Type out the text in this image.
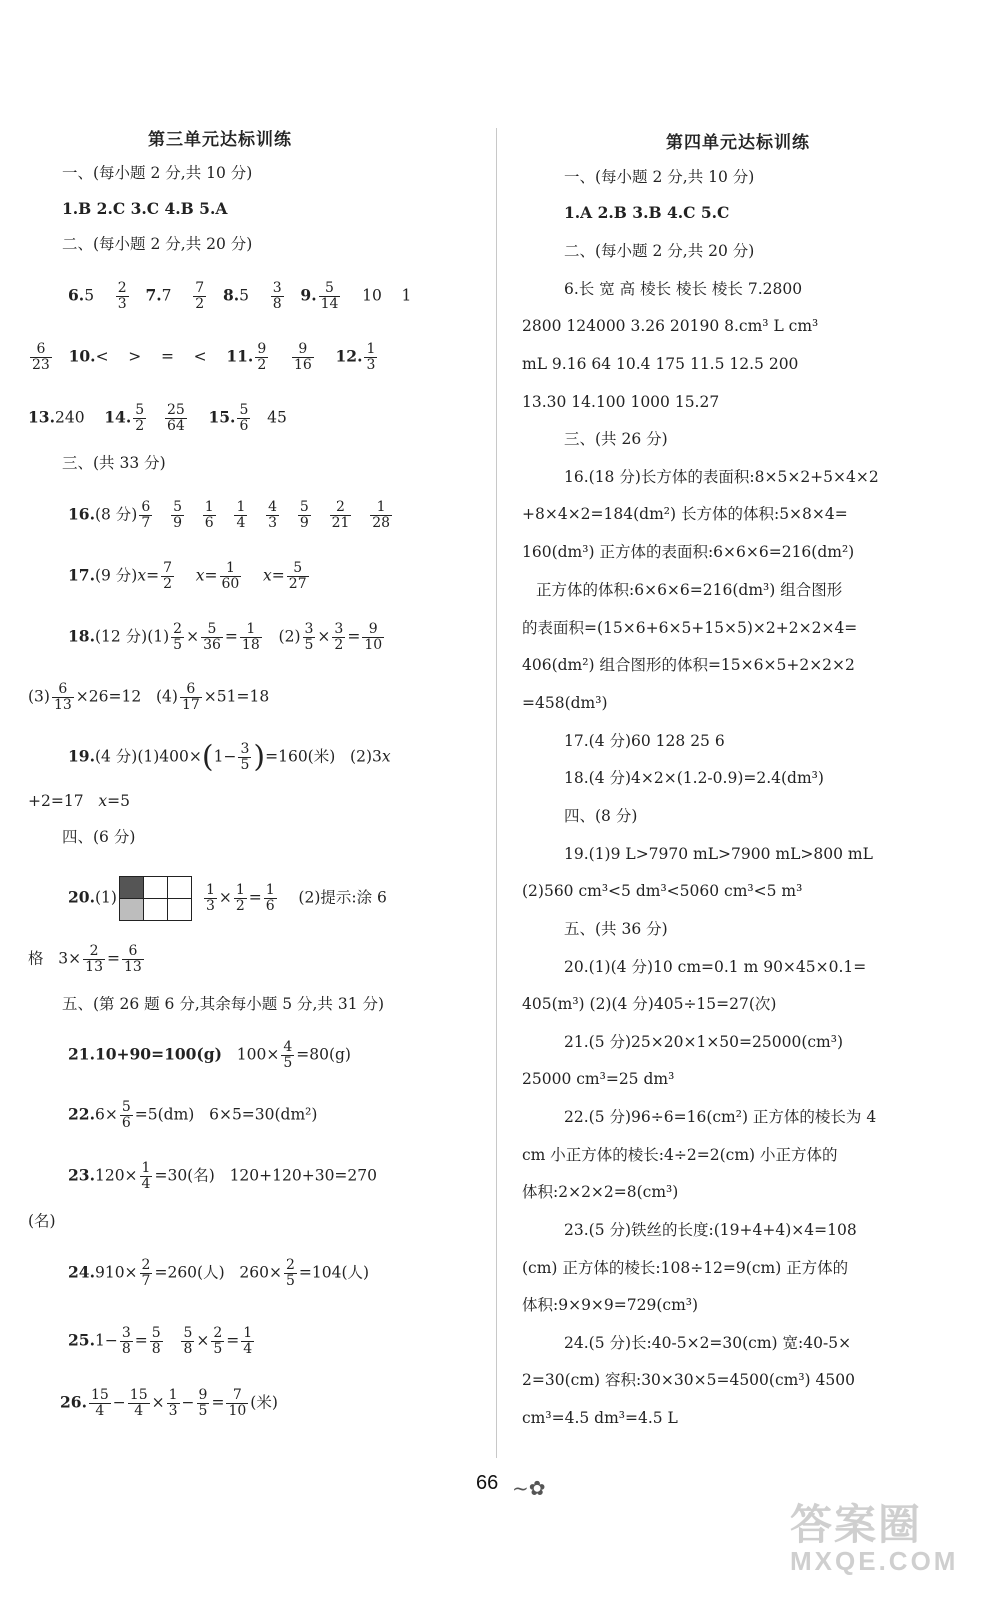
第三单元达标训练
一、(每小题 2 分,共 10 分)
1.B 2.C 3.C 4.B 5.A
二、(每小题 2 分,共 20 分)
$6.5 \frac{2}{3} 7.7 \frac{7}{2} 8.5 \frac{3}{8} 9$. $\frac{5}{14} 10$    1
$\frac{6}{23} 10.<$    >    =    <    11. $\frac{9}{2}$
$\frac{9}{16} 12$. $\frac{1}{3}$
13.240    14. $\frac{5}{2}$
$\frac{25}{64} 15$. $\frac{5}{6} 45$
三、(共 33 分)
16.(8 分) $\frac{6}{7}$
$\frac{5}{9}$
$\frac{1}{6}$
$\frac{1}{4}$
$\frac{4}{3}$
$\frac{5}{9}$
$\frac{2}{21}$
$\frac{1}{28}$
17.(9 分)$x= \frac{7}{2} x= \frac{1}{60} x= \frac{5}{27}$
18.(12 分)$(1) \frac{2}{5} \times \frac{5}{36} = \frac{1}{18} (2) \frac{3}{5} \times \frac{3}{2} = \frac{9}{10}$
$(3) \frac{6}{13} \times 26=12$   $(4) \frac{6}{17} \times 51=18$
19.(4 分)$(1)400\times(1- \frac{3}{5} )=160$(米)   (2)3x
+2=17   x=5
四、(6 分)
20.(1)

			$\frac{1}{3} \times \frac{1}{2} = \frac{1}{6} (2)$提示:涂 6
格   $3\times \frac{2}{13} = \frac{6}{13}$
五、(第 26 题 6 分,其余每小题 5 分,共 31 分)
21.10+90=100(g)   $100\times \frac{4}{5} =80(g)$
$22.6\times \frac{5}{6} =5(dm)$   6×5=30(dm²)
$23.120\times \frac{1}{4} =30$(名)   120+120+30=270
(名)
$24.910\times \frac{2}{7} =260$(人)   $260\times \frac{2}{5} =104$(人)
$25.1- \frac{3}{8} = \frac{5}{8}$
$\frac{5}{8} \times \frac{2}{5} = \frac{1}{4}$
26. $\frac{15}{4} - \frac{15}{4} \times \frac{1}{3} - \frac{9}{5} = \frac{7}{10}$ (米)
第四单元达标训练
一、(每小题 2 分,共 10 分)
1.A 2.B 3.B 4.C 5.C
二、(每小题 2 分,共 20 分)
6.长 宽 高 棱长 棱长 棱长 7.2800
2800 124000 3.26 20190 8.cm³ L cm³
mL 9.16 64 10.4 175 11.5 12.5 200
13.30 14.100 1000 15.27
三、(共 26 分)
16.(18 分)长方体的表面积:8×5×2+5×4×2
+8×4×2=184(dm²) 长方体的体积:5×8×4=
160(dm³) 正方体的表面积:6×6×6=216(dm²)
正方体的体积:6×6×6=216(dm³) 组合图形
的表面积=(15×6+6×5+15×5)×2+2×2×4=
406(dm²) 组合图形的体积=15×6×5+2×2×2
=458(dm³)
17.(4 分)60 128 25 6
18.(4 分)4×2×(1.2-0.9)=2.4(dm³)
四、(8 分)
19.(1)9 L>7970 mL>7900 mL>800 mL
(2)560 cm³<5 dm³<5060 cm³<5 m³
五、(共 36 分)
20.(1)(4 分)10 cm=0.1 m 90×45×0.1=
405(m³) (2)(4 分)405÷15=27(次)
21.(5 分)25×20×1×50=25000(cm³)
25000 cm³=25 dm³
22.(5 分)96÷6=16(cm²) 正方体的棱长为 4
cm 小正方体的棱长:4÷2=2(cm) 小正方体的
体积:2×2×2=8(cm³)
23.(5 分)铁丝的长度:(19+4+4)×4=108
(cm) 正方体的棱长:108÷12=9(cm) 正方体的
体积:9×9×9=729(cm³)
24.(5 分)长:40-5×2=30(cm) 宽:40-5×
2=30(cm) 容积:30×30×5=4500(cm³) 4500
cm³=4.5 dm³=4.5 L
66 ~✿
答案圈
MXQE.COM
